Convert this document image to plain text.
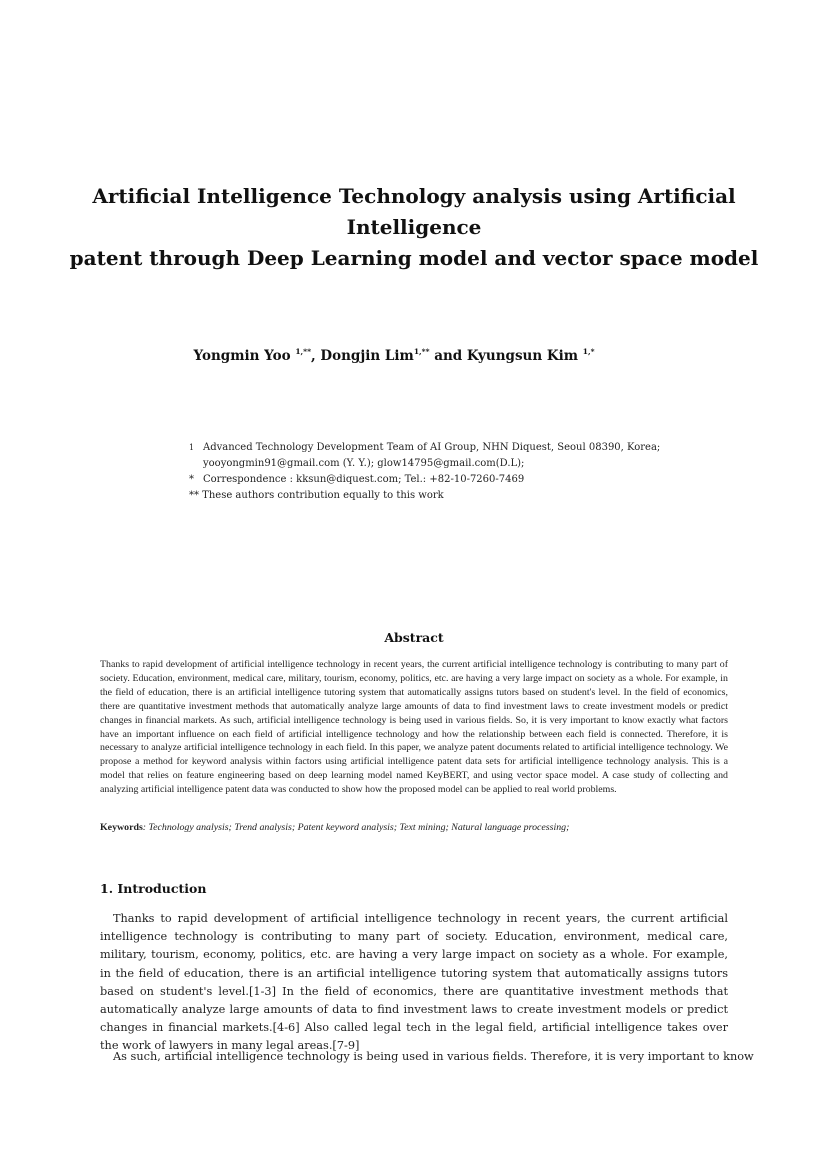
Artificial Intelligence Technology analysis using Artificial Intelligence
patent through Deep Learning model and vector space model
Yongmin Yoo $^{1,**}$, Dongjin Lim$^{1,**}$ and Kyungsun Kim $^{1,*}$
1 Advanced Technology Development Team of AI Group, NHN Diquest, Seoul 08390, Korea;
yooyongmin91@gmail.com (Y. Y.); glow14795@gmail.com(D.L);
* Correspondence : kksun@diquest.com; Tel.: +82-10-7260-7469
** These authors contribution equally to this work
Abstract

Thanks to rapid development of artificial intelligence technology in recent years, the current artificial intelligence technology is contributing to many part of society. Education, environment, medical care, military, tourism, economy, politics, etc. are having a very large impact on society as a whole. For example, in the field of education, there is an artificial intelligence tutoring system that automatically assigns tutors based on student's level. In the field of economics, there are quantitative investment methods that automatically analyze large amounts of data to find investment laws to create investment models or predict changes in financial markets. As such, artificial intelligence technology is being used in various fields. So, it is very important to know exactly what factors have an important influence on each field of artificial intelligence technology and how the relationship between each field is connected. Therefore, it is necessary to analyze artificial intelligence technology in each field. In this paper, we analyze patent documents related to artificial intelligence technology. We propose a method for keyword analysis within factors using artificial intelligence patent data sets for artificial intelligence technology analysis. This is a model that relies on feature engineering based on deep learning model named KeyBERT, and using vector space model. A case study of collecting and analyzing artificial intelligence patent data was conducted to show how the proposed model can be applied to real world problems.

Keywords: Technology analysis; Trend analysis; Patent keyword analysis; Text mining; Natural language processing;
1. Introduction

Thanks to rapid development of artificial intelligence technology in recent years, the current artificial intelligence technology is contributing to many part of society. Education, environment, medical care, military, tourism, economy, politics, etc. are having a very large impact on society as a whole. For example, in the field of education, there is an artificial intelligence tutoring system that automatically assigns tutors based on student's level.[1-3] In the field of economics, there are quantitative investment methods that automatically analyze large amounts of data to find investment laws to create investment models or predict changes in financial markets.[4-6] Also called legal tech in the legal field, artificial intelligence takes over the work of lawyers in many legal areas.[7-9]

As such, artificial intelligence technology is being used in various fields. Therefore, it is very important to know
